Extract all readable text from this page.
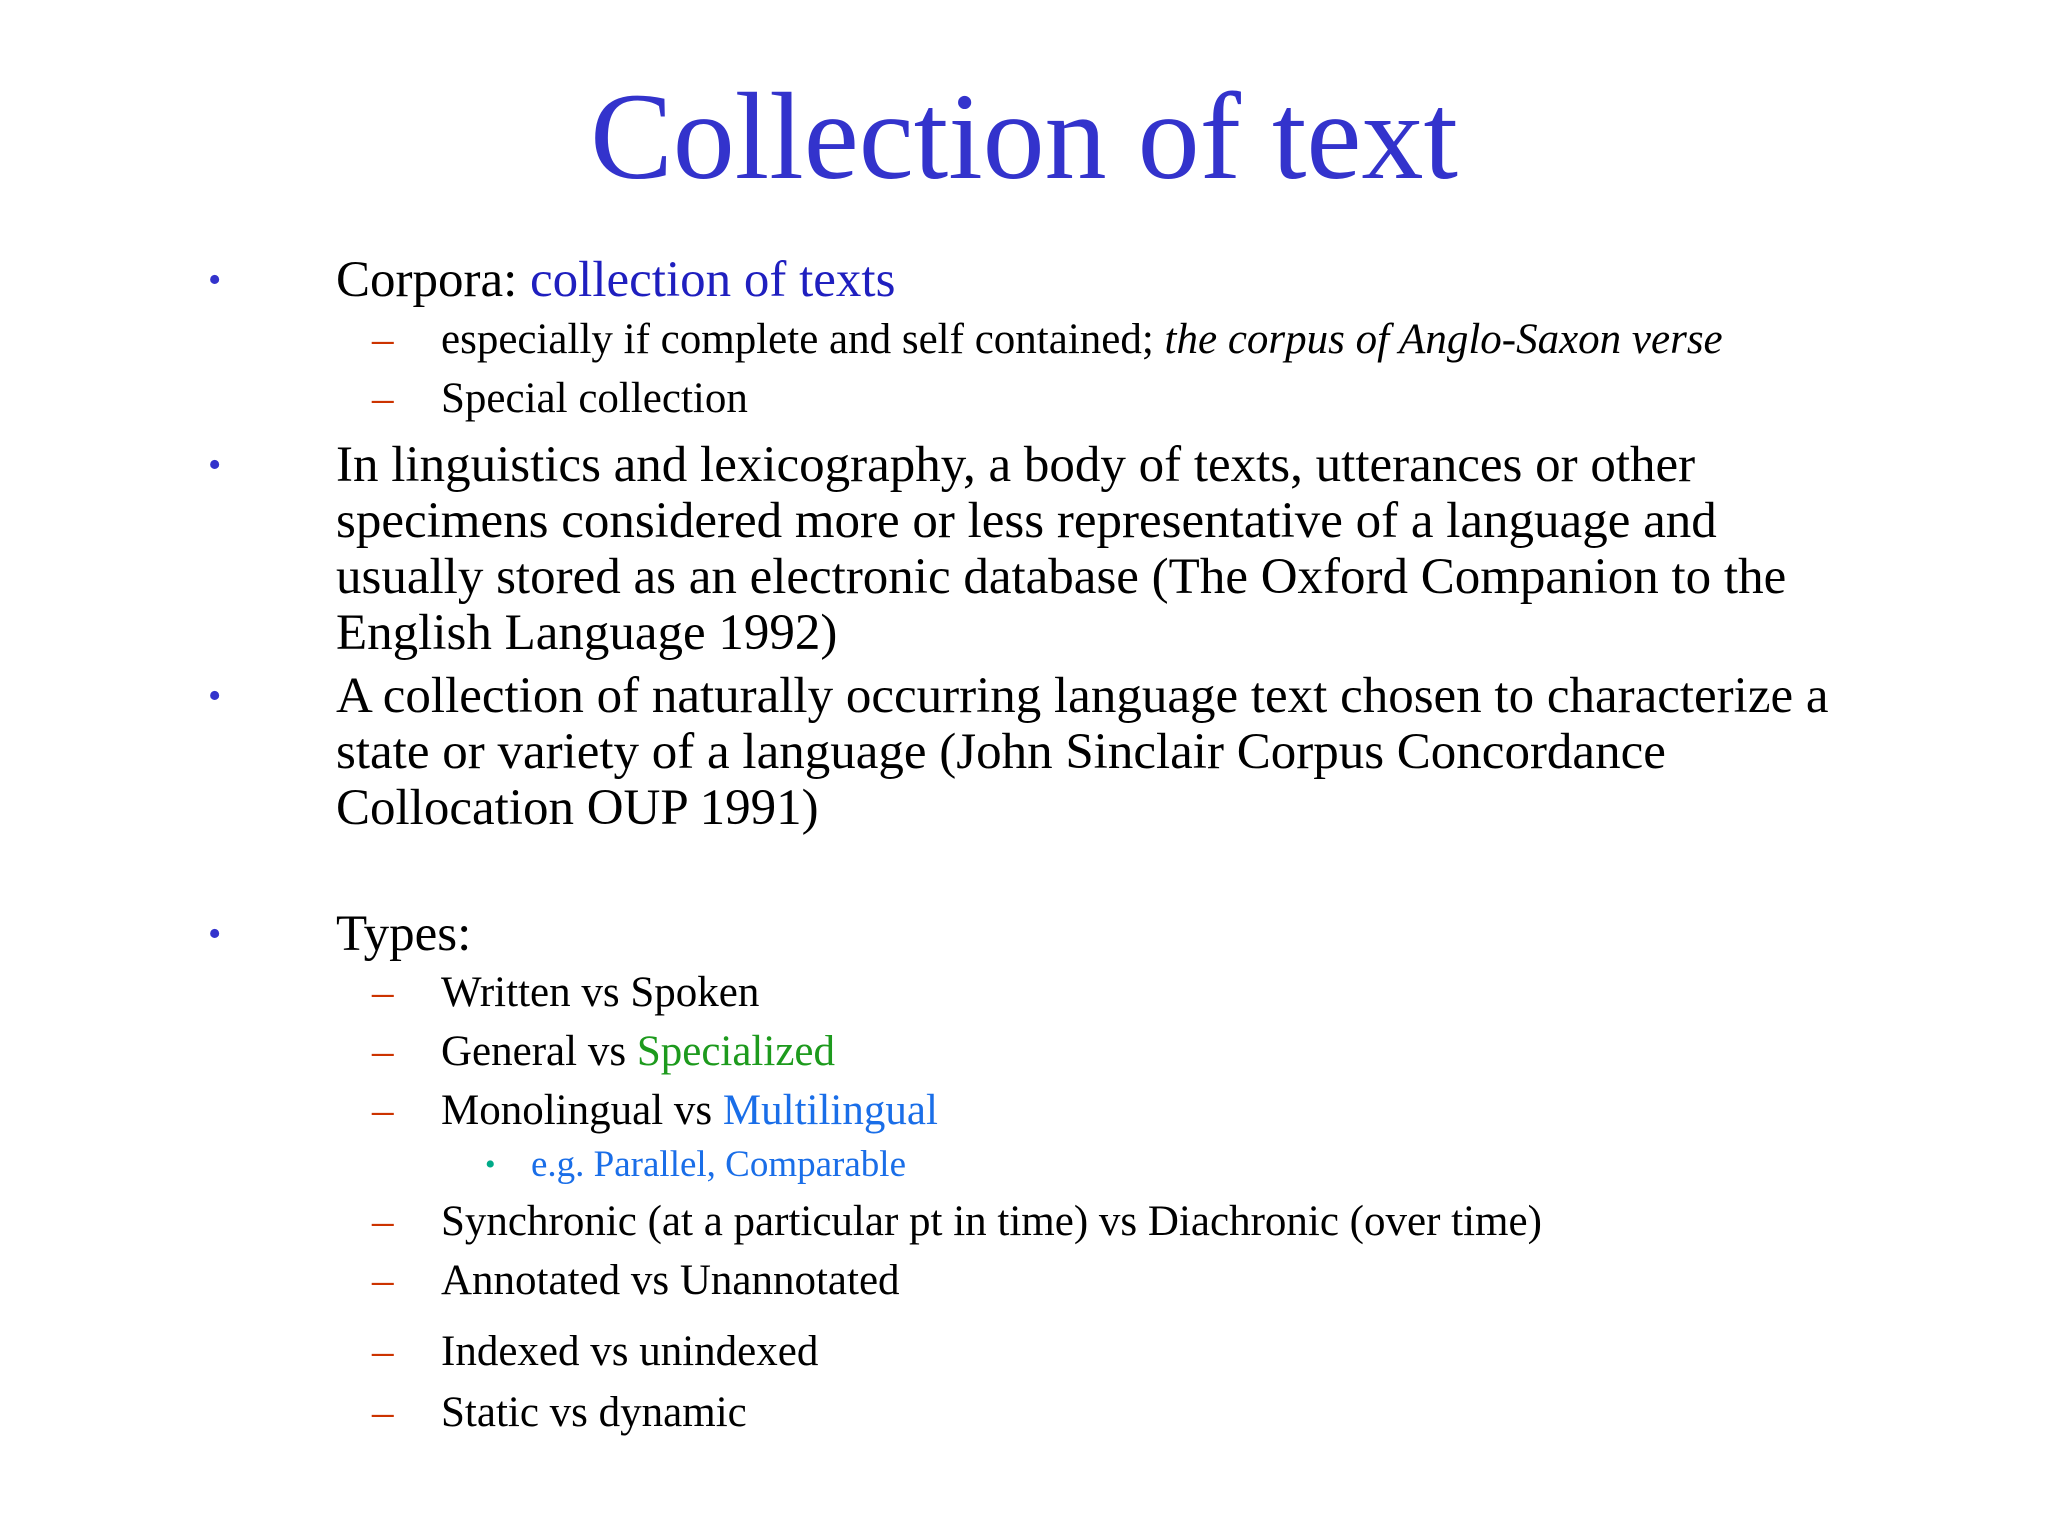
Collection of text
• Corpora: collection of texts
– especially if complete and self contained; the corpus of Anglo-Saxon verse
– Special collection
• In linguistics and lexicography, a body of texts, utterances or other
specimens considered more or less representative of a language and
usually stored as an electronic database (The Oxford Companion to the
English Language 1992)
• A collection of naturally occurring language text chosen to characterize a
state or variety of a language (John Sinclair Corpus Concordance
Collocation OUP 1991)
• Types:
– Written vs Spoken
– General vs Specialized
– Monolingual vs Multilingual
• e.g. Parallel, Comparable
– Synchronic (at a particular pt in time) vs Diachronic (over time)
– Annotated vs Unannotated
– Indexed vs unindexed
– Static vs dynamic
